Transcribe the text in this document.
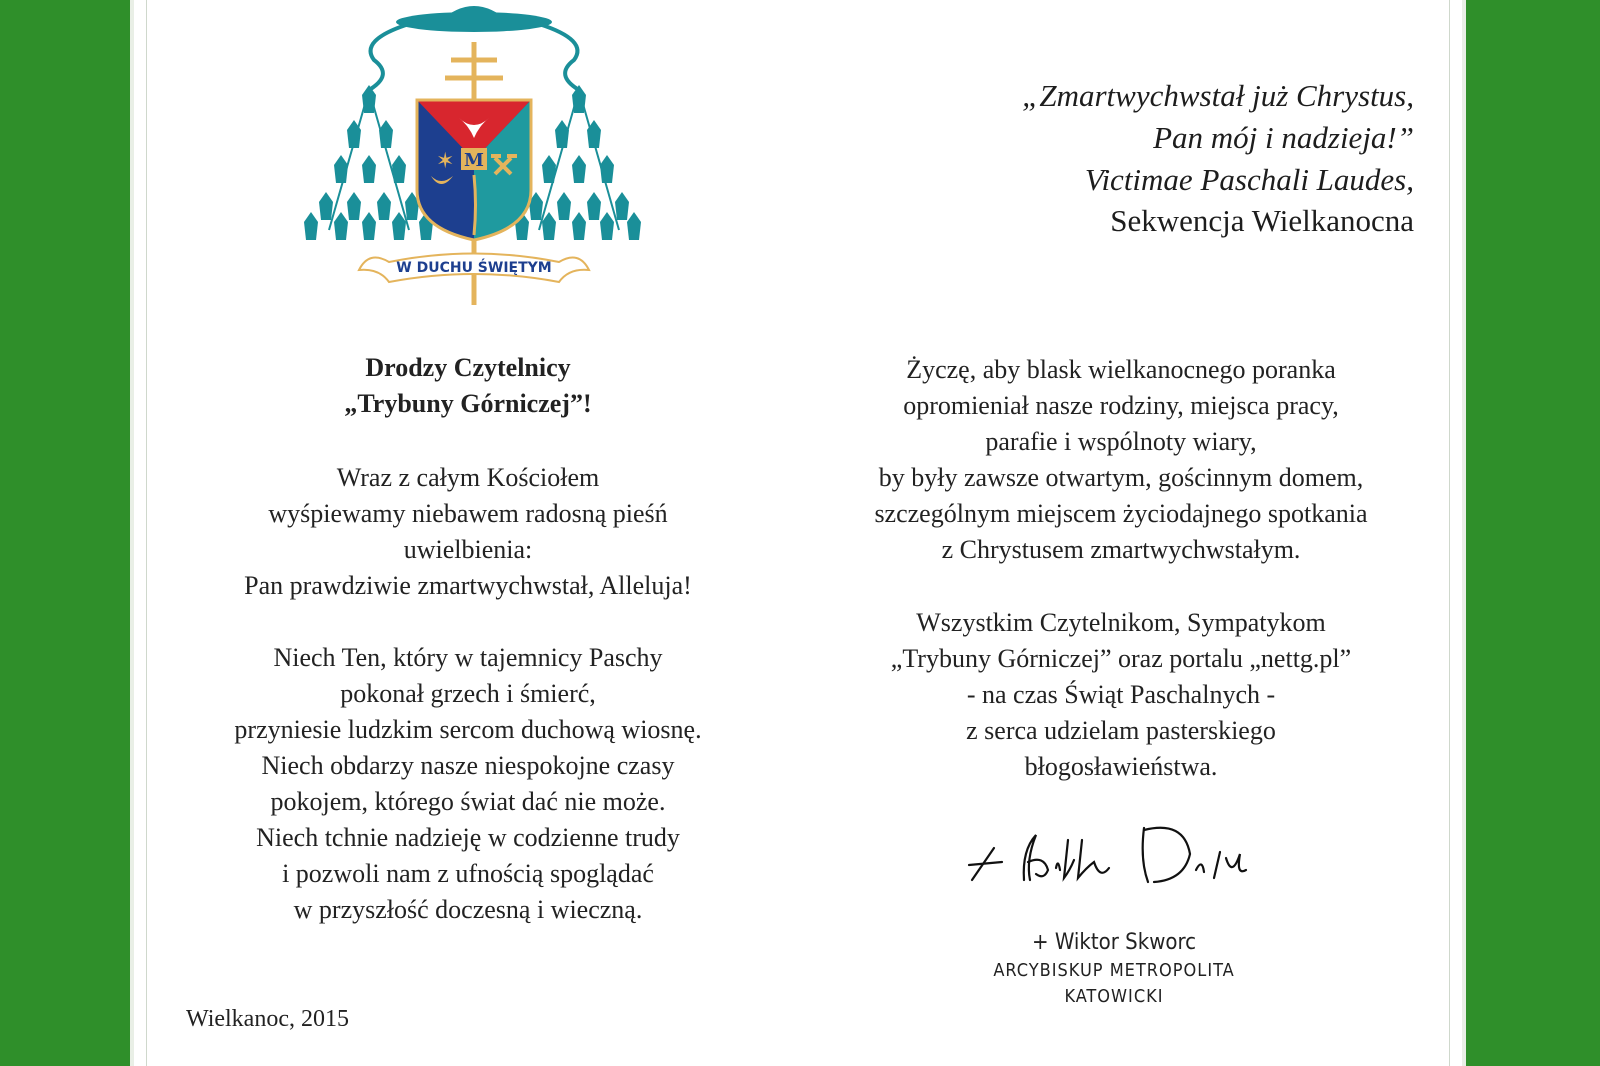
✶ M
W DUCHU ŚWIĘTYM
„Zmartwychwstał już Chrystus,
Pan mój i nadzieja!”
Victimae Paschali Laudes,
Sekwencja Wielkanocna
Drodzy Czytelnicy
„Trybuny Górniczej”!
Wraz z całym Kościołem
wyśpiewamy niebawem radosną pieśń
uwielbienia:
Pan prawdziwie zmartwychwstał, Alleluja!
Niech Ten, który w tajemnicy Paschy
pokonał grzech i śmierć,
przyniesie ludzkim sercom duchową wiosnę.
Niech obdarzy nasze niespokojne czasy
pokojem, którego świat dać nie może.
Niech tchnie nadzieję w codzienne trudy
i pozwoli nam z ufnością spoglądać
w przyszłość doczesną i wieczną.
Życzę, aby blask wielkanocnego poranka
opromieniał nasze rodziny, miejsca pracy,
parafie i wspólnoty wiary,
by były zawsze otwartym, gościnnym domem,
szczególnym miejscem życiodajnego spotkania
z Chrystusem zmartwychwstałym.
Wszystkim Czytelnikom, Sympatykom
„Trybuny Górniczej” oraz portalu „nettg.pl”
- na czas Świąt Paschalnych -
z serca udzielam pasterskiego
błogosławieństwa.
+ Wiktor Skworc
ARCYBISKUP METROPOLITA
KATOWICKI
Wielkanoc, 2015
